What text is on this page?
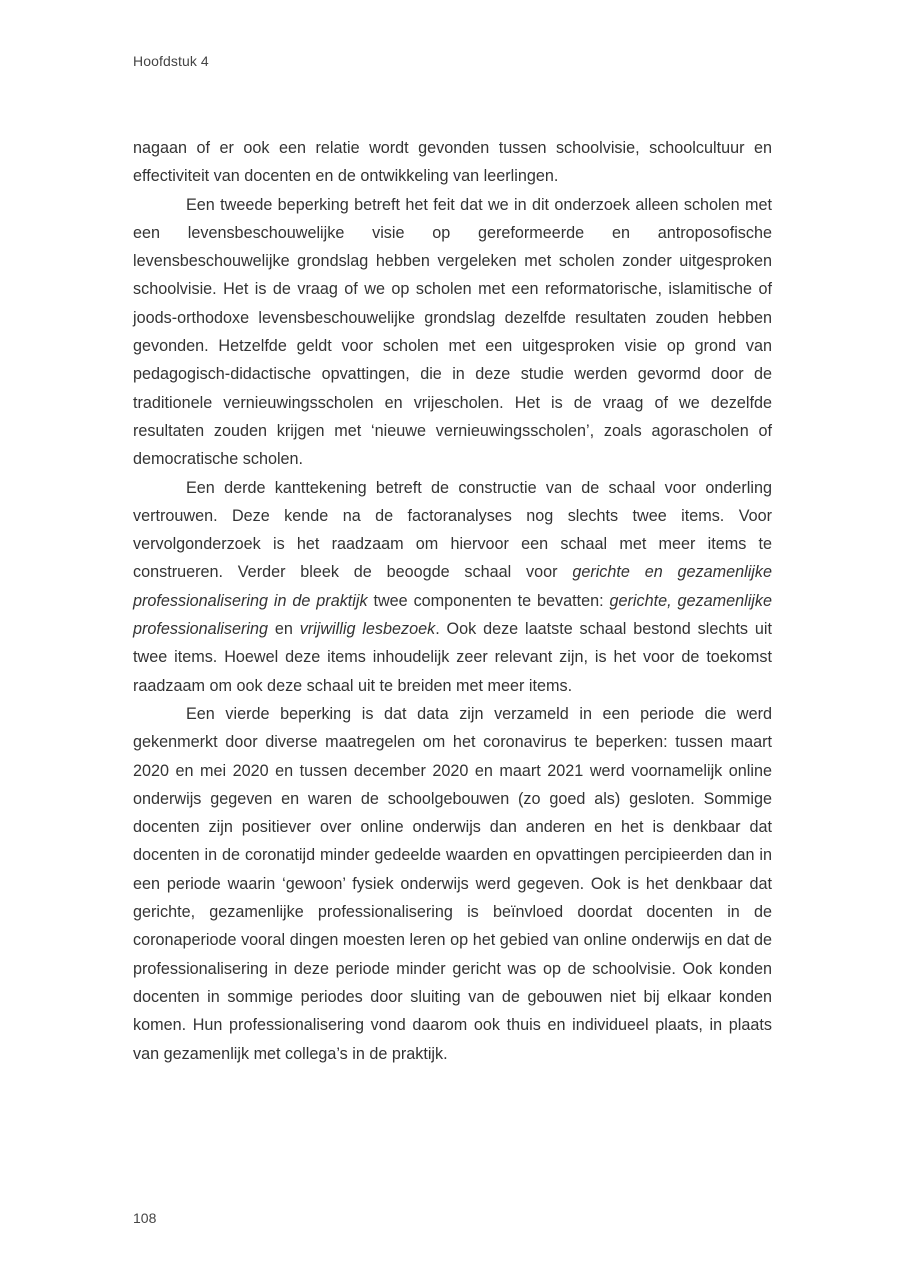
Hoofdstuk 4

nagaan of er ook een relatie wordt gevonden tussen schoolvisie, schoolcultuur en effectiviteit van docenten en de ontwikkeling van leerlingen.

Een tweede beperking betreft het feit dat we in dit onderzoek alleen scholen met een levensbeschouwelijke visie op gereformeerde en antroposofische levensbeschouwelijke grondslag hebben vergeleken met scholen zonder uitgesproken schoolvisie. Het is de vraag of we op scholen met een reformatorische, islamitische of joods-orthodoxe levensbeschouwelijke grondslag dezelfde resultaten zouden hebben gevonden. Hetzelfde geldt voor scholen met een uitgesproken visie op grond van pedagogisch-didactische opvattingen, die in deze studie werden gevormd door de traditionele vernieuwingsscholen en vrijescholen. Het is de vraag of we dezelfde resultaten zouden krijgen met ‘nieuwe vernieuwingsscholen’, zoals agorascholen of democratische scholen.

Een derde kanttekening betreft de constructie van de schaal voor onderling vertrouwen. Deze kende na de factoranalyses nog slechts twee items. Voor vervolgonderzoek is het raadzaam om hiervoor een schaal met meer items te construeren. Verder bleek de beoogde schaal voor gerichte en gezamenlijke professionalisering in de praktijk twee componenten te bevatten: gerichte, gezamenlijke professionalisering en vrijwillig lesbezoek. Ook deze laatste schaal bestond slechts uit twee items. Hoewel deze items inhoudelijk zeer relevant zijn, is het voor de toekomst raadzaam om ook deze schaal uit te breiden met meer items.

Een vierde beperking is dat data zijn verzameld in een periode die werd gekenmerkt door diverse maatregelen om het coronavirus te beperken: tussen maart 2020 en mei 2020 en tussen december 2020 en maart 2021 werd voornamelijk online onderwijs gegeven en waren de schoolgebouwen (zo goed als) gesloten. Sommige docenten zijn positiever over online onderwijs dan anderen en het is denkbaar dat docenten in de coronatijd minder gedeelde waarden en opvattingen percipieerden dan in een periode waarin ‘gewoon’ fysiek onderwijs werd gegeven. Ook is het denkbaar dat gerichte, gezamenlijke professionalisering is beïnvloed doordat docenten in de coronaperiode vooral dingen moesten leren op het gebied van online onderwijs en dat de professionalisering in deze periode minder gericht was op de schoolvisie. Ook konden docenten in sommige periodes door sluiting van de gebouwen niet bij elkaar konden komen. Hun professionalisering vond daarom ook thuis en individueel plaats, in plaats van gezamenlijk met collega’s in de praktijk.

108
